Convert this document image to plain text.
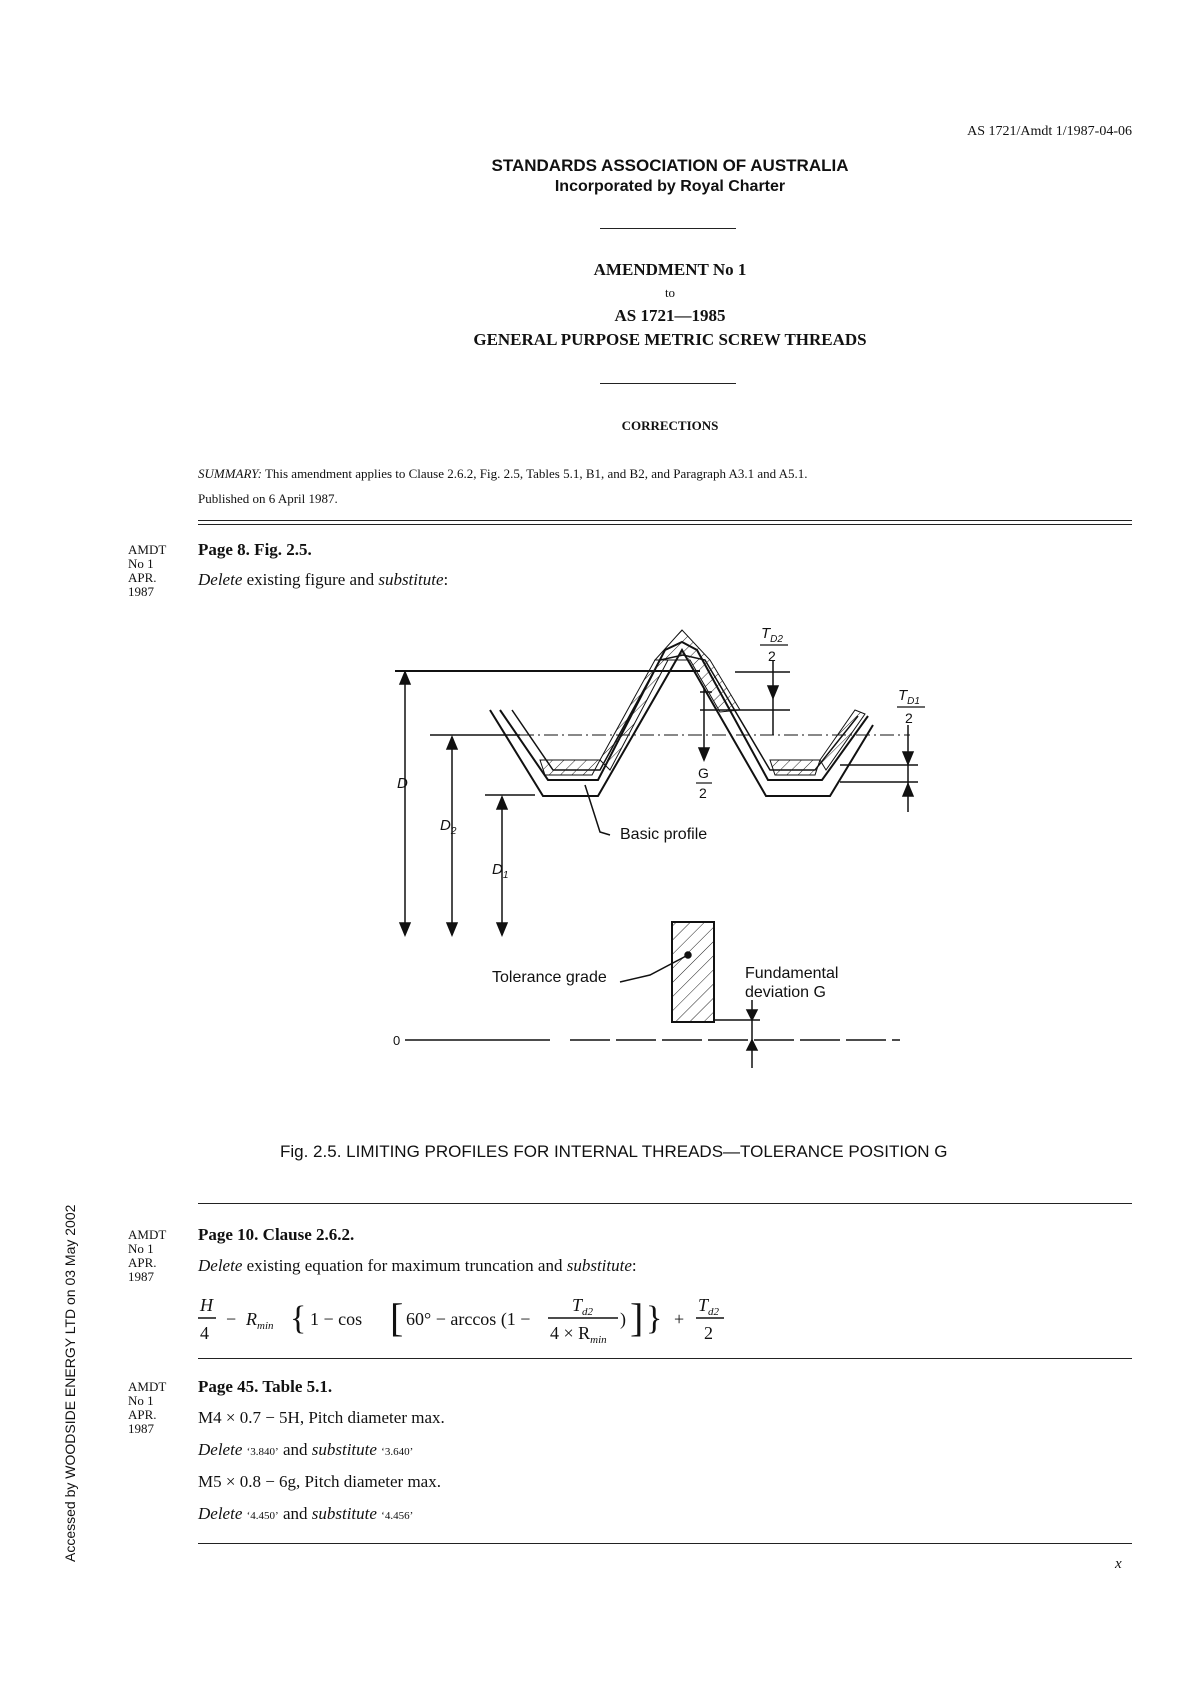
AS 1721/Amdt 1/1987-04-06
STANDARDS ASSOCIATION OF AUSTRALIA
Incorporated by Royal Charter
AMENDMENT No 1
to
AS 1721—1985
GENERAL PURPOSE METRIC SCREW THREADS
CORRECTIONS
SUMMARY: This amendment applies to Clause 2.6.2, Fig. 2.5, Tables 5.1, B1, and B2, and Paragraph A3.1 and A5.1.
Published on 6 April 1987.
AMDT
No 1
APR.
1987
Page 8. Fig. 2.5.
Delete existing figure and substitute:
$T_{D2}$
2
$T_{D1}$
2
G
2
D
$D_2$
$D_1$
Basic profile
Tolerance grade	Fundamental
deviation G
0
Fig. 2.5. LIMITING PROFILES FOR INTERNAL THREADS—TOLERANCE POSITION G
AMDT
No 1
APR.
1987
Page 10. Clause 2.6.2.
Delete existing equation for maximum truncation and substitute:
H
4
− $R_{min}$ { 1 − cos [ 60° − arccos (1 −
$T_{d2}$
$4 \times R_{min}$
) ] } +
$T_{d2}$
2
AMDT
No 1
APR.
1987
Page 45. Table 5.1.
M4 × 0.7 − 5H, Pitch diameter max.
Delete ‘3.840’ and substitute ‘3.640’
M5 × 0.8 − 6g, Pitch diameter max.
Delete ‘4.450’ and substitute ‘4.456’
x
Accessed by WOODSIDE ENERGY LTD on 03 May 2002
